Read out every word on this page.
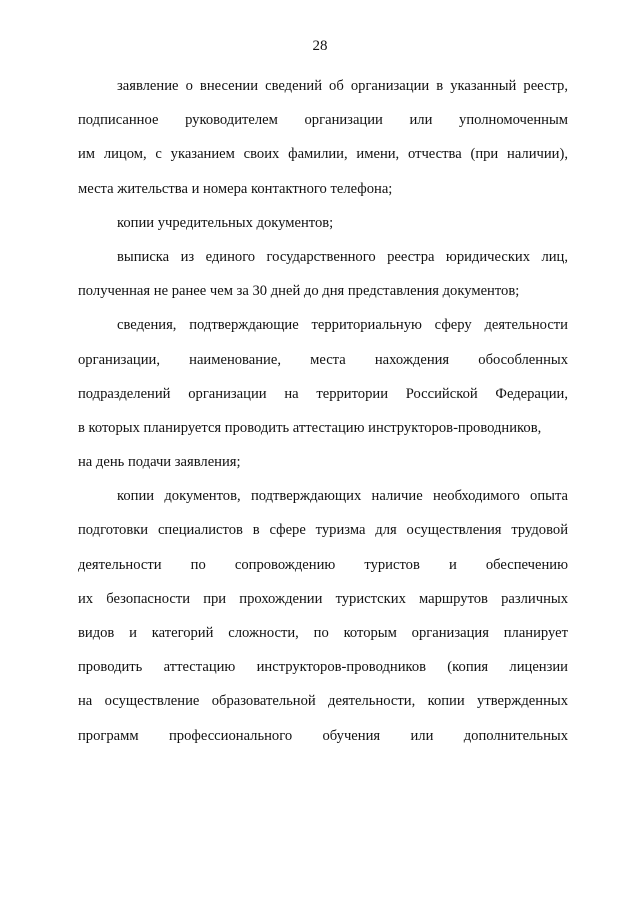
28
заявление о внесении сведений об организации в указанный реестр,
подписанное руководителем организации или уполномоченным
им лицом, с указанием своих фамилии, имени, отчества (при наличии),
места жительства и номера контактного телефона;
копии учредительных документов;
выписка из единого государственного реестра юридических лиц,
полученная не ранее чем за 30 дней до дня представления документов;
сведения, подтверждающие территориальную сферу деятельности
организации, наименование, места нахождения обособленных
подразделений организации на территории Российской Федерации,
в которых планируется проводить аттестацию инструкторов-проводников,
на день подачи заявления;
копии документов, подтверждающих наличие необходимого опыта
подготовки специалистов в сфере туризма для осуществления трудовой
деятельности по сопровождению туристов и обеспечению
их безопасности при прохождении туристских маршрутов различных
видов и категорий сложности, по которым организация планирует
проводить аттестацию инструкторов-проводников (копия лицензии
на осуществление образовательной деятельности, копии утвержденных
программ профессионального обучения или дополнительных
